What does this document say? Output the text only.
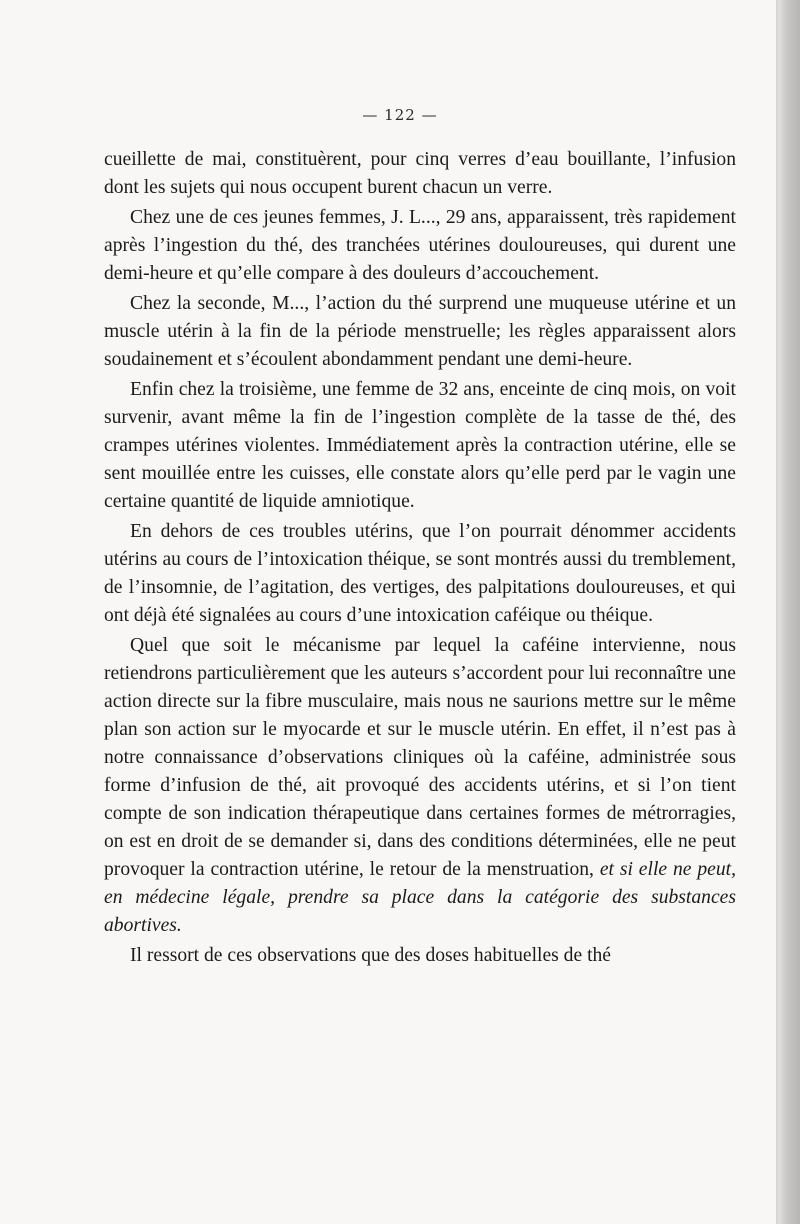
— 122 —

cueillette de mai, constituèrent, pour cinq verres d’eau bouillante, l’infusion dont les sujets qui nous occupent burent chacun un verre.

Chez une de ces jeunes femmes, J. L..., 29 ans, apparaissent, très rapidement après l’ingestion du thé, des tranchées utérines douloureuses, qui durent une demi-heure et qu’elle compare à des douleurs d’accouchement.

Chez la seconde, M..., l’action du thé surprend une muqueuse utérine et un muscle utérin à la fin de la période menstruelle; les règles apparaissent alors soudainement et s’écoulent abondamment pendant une demi-heure.

Enfin chez la troisième, une femme de 32 ans, enceinte de cinq mois, on voit survenir, avant même la fin de l’ingestion complète de la tasse de thé, des crampes utérines violentes. Immédiatement après la contraction utérine, elle se sent mouillée entre les cuisses, elle constate alors qu’elle perd par le vagin une certaine quantité de liquide amniotique.

En dehors de ces troubles utérins, que l’on pourrait dénommer accidents utérins au cours de l’intoxication théique, se sont montrés aussi du tremblement, de l’insomnie, de l’agitation, des vertiges, des palpitations douloureuses, et qui ont déjà été signalées au cours d’une intoxication caféique ou théique.

Quel que soit le mécanisme par lequel la caféine intervienne, nous retiendrons particulièrement que les auteurs s’accordent pour lui reconnaître une action directe sur la fibre musculaire, mais nous ne saurions mettre sur le même plan son action sur le myocarde et sur le muscle utérin. En effet, il n’est pas à notre connaissance d’observations cliniques où la caféine, administrée sous forme d’infusion de thé, ait provoqué des accidents utérins, et si l’on tient compte de son indication thérapeutique dans certaines formes de métrorragies, on est en droit de se demander si, dans des conditions déterminées, elle ne peut provoquer la contraction utérine, le retour de la menstruation, et si elle ne peut, en médecine légale, prendre sa place dans la catégorie des substances abortives.

Il ressort de ces observations que des doses habituelles de thé
